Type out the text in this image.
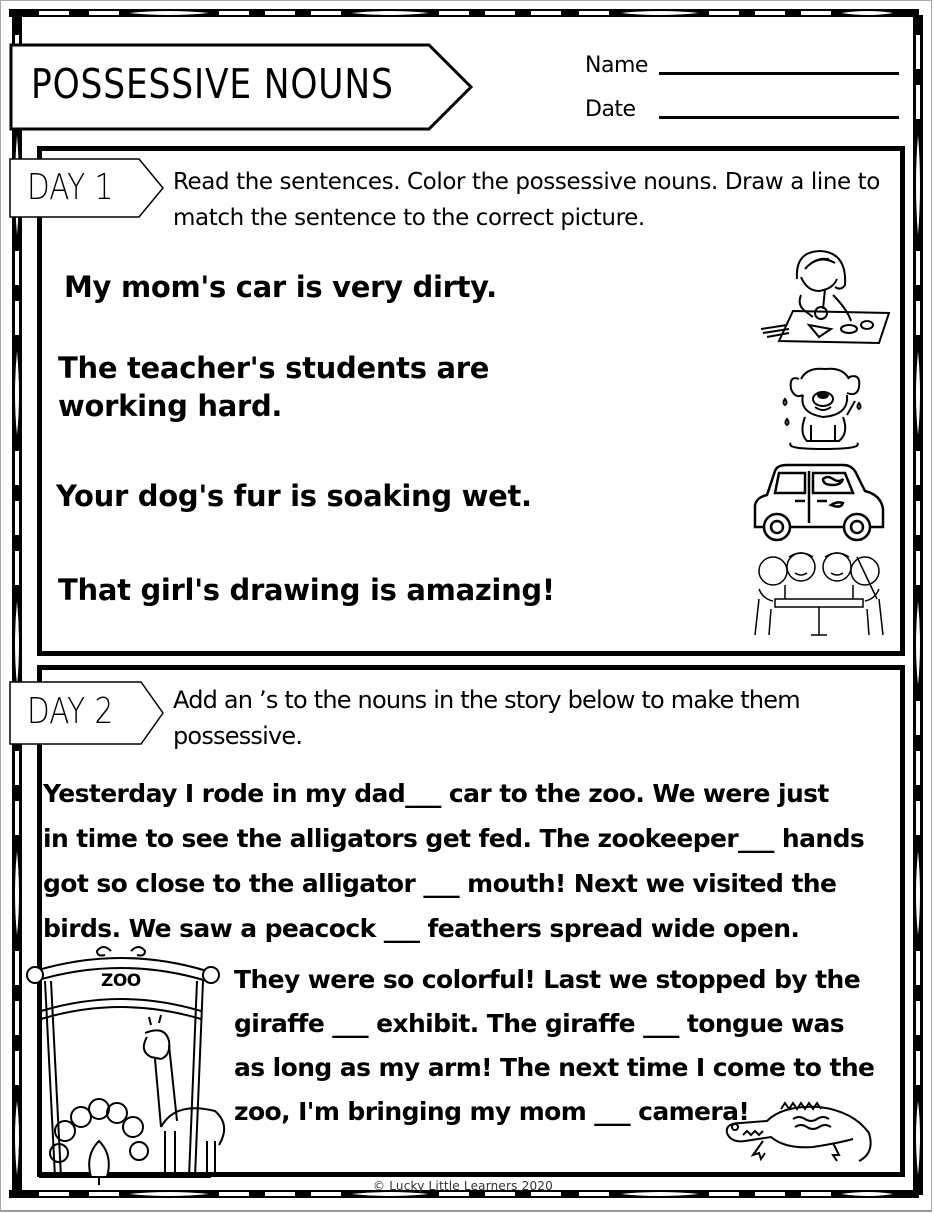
POSSESSIVE NOUNS	Name
Date
DAY 1	Read the sentences. Color the possessive nouns. Draw a line to match the sentence to the correct picture.
My mom's car is very dirty.
The teacher's students are
working hard.
Your dog's fur is soaking wet.
That girl's drawing is amazing!
DAY 2 Add an ’s to the nouns in the story below to make them possessive.
Yesterday I rode in my dad___ car to the zoo. We were just
in time to see the alligators get fed. The zookeeper___ hands
got so close to the alligator ___ mouth! Next we visited the
birds. We saw a peacock ___ feathers spread wide open.
They were so colorful! Last we stopped by the
giraffe ___ exhibit. The giraffe ___ tongue was
as long as my arm! The next time I come to the
zoo, I'm bringing my mom ___ camera!
ZOO
© Lucky Little Learners 2020
